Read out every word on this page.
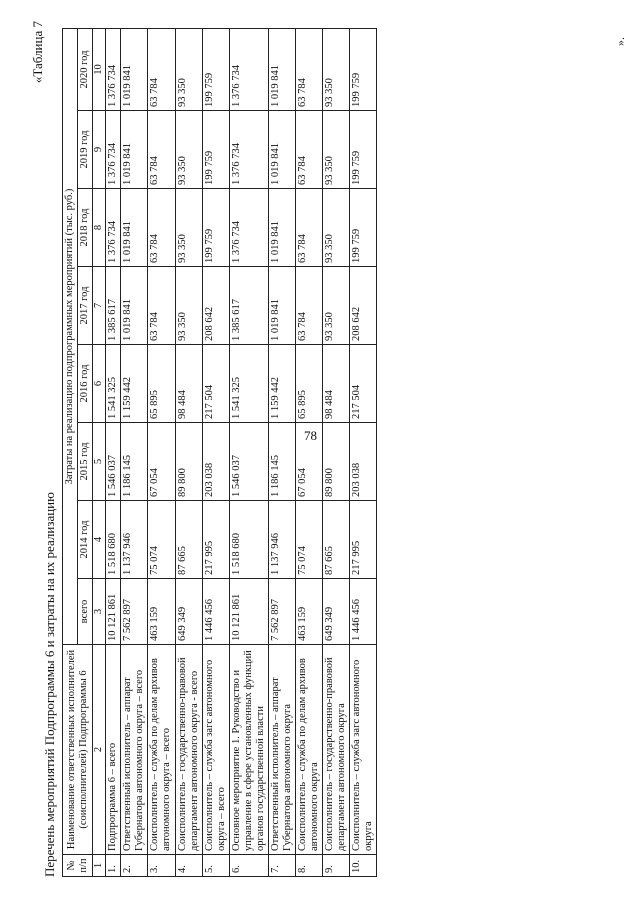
78
«Таблица 7
Перечень мероприятий Подпрограммы 6 и затраты на их реализацию № п/п	Наименование ответственных исполнителей (соисполнителей) Подпрограммы 6	Затраты на реализацию подпрограммных мероприятий (тыс. руб.)							
		всего	2014 год	2015 год	2016 год	2017 год	2018 год	2019 год	2020 год
1	2	3	4	5	6	7	8	9	10
1.	Подпрограмма 6 – всего	10 121 861	1 518 680	1 546 037	1 541 325	1 385 617	1 376 734	1 376 734	1 376 734
2.	Ответственный исполнитель – аппарат Губернатора автономного округа – всего	7 562 897	1 137 946	1 186 145	1 159 442	1 019 841	1 019 841	1 019 841	1 019 841
3.	Соисполнитель – служба по делам архивов автономного округа – всего	463 159	75 074	67 054	65 895	63 784	63 784	63 784	63 784
4.	Соисполнитель – государственно-правовой департамент автономного округа - всего	649 349	87 665	89 800	98 484	93 350	93 350	93 350	93 350
5.	Соисполнитель – служба загс автономного округа – всего	1 446 456	217 995	203 038	217 504	208 642	199 759	199 759	199 759
6.	Основное мероприятие 1. Руководство и управление в сфере установленных функций органов государственной власти	10 121 861	1 518 680	1 546 037	1 541 325	1 385 617	1 376 734	1 376 734	1 376 734
7.	Ответственный исполнитель – аппарат Губернатора автономного округа	7 562 897	1 137 946	1 186 145	1 159 442	1 019 841	1 019 841	1 019 841	1 019 841
8.	Соисполнитель – служба по делам архивов автономного округа	463 159	75 074	67 054	65 895	63 784	63 784	63 784	63 784
9.	Соисполнитель – государственно-правовой департамент автономного округа	649 349	87 665	89 800	98 484	93 350	93 350	93 350	93 350
10.	Соисполнитель – служба загс автономного округа	1 446 456	217 995	203 038	217 504	208 642	199 759	199 759	199 759
».
